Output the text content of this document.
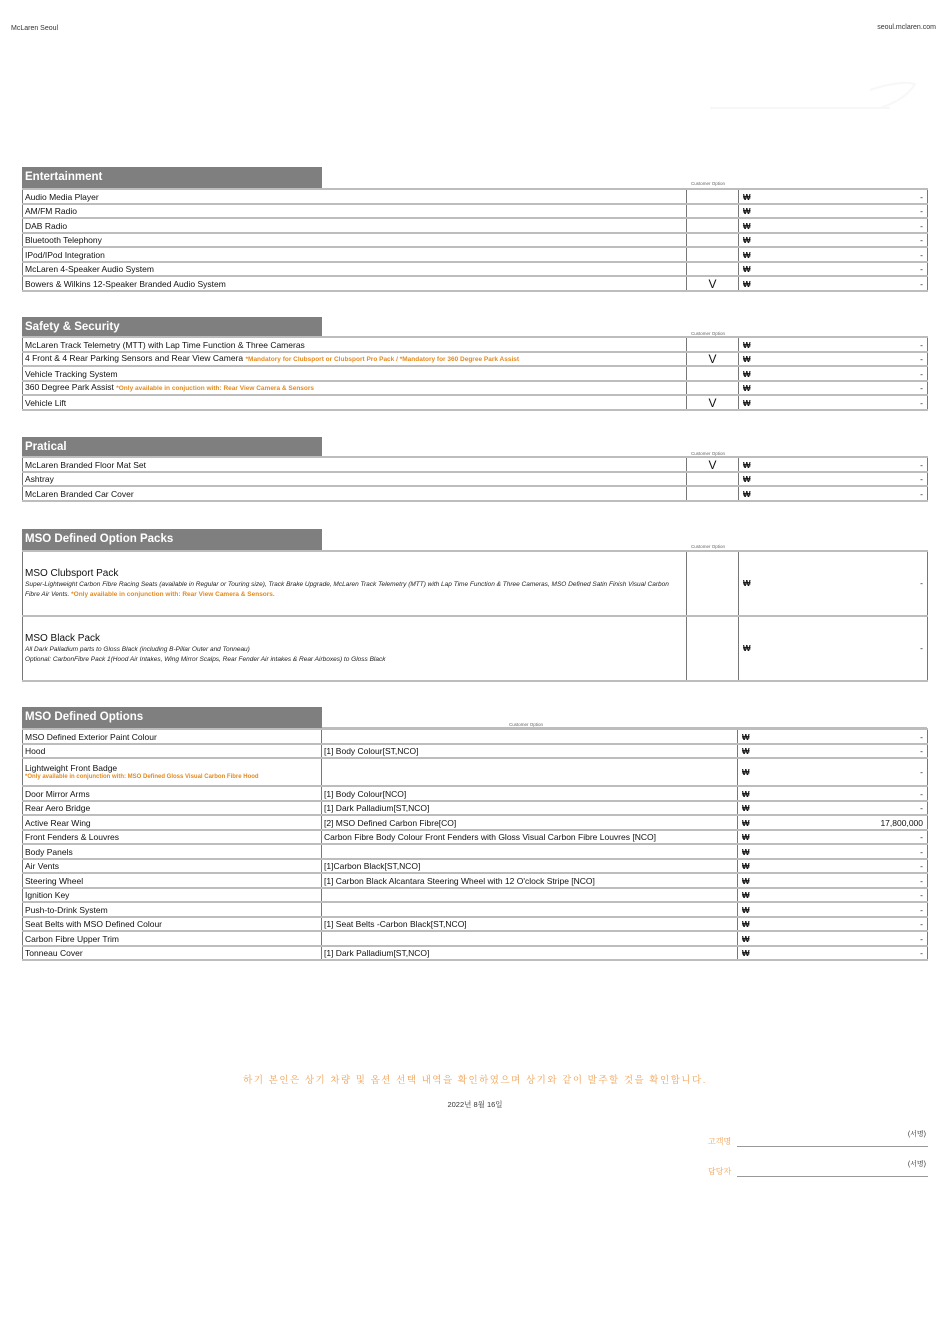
McLaren Seoul	seoul.mclaren.com
Entertainment
Customer Option
Audio Media Player		₩	-
AM/FM Radio		₩	-
DAB Radio		₩	-
Bluetooth Telephony		₩	-
IPod/IPod Integration		₩	-
McLaren 4-Speaker Audio System		₩	-
Bowers & Wilkins 12-Speaker Branded Audio System	V	₩	-
Safety & Security
Customer Option
McLaren Track Telemetry (MTT) with Lap Time Function & Three Cameras		₩	-
4 Front & 4 Rear Parking Sensors and Rear View Camera *Mandatory for Clubsport or Clubsport Pro Pack / *Mandatory for 360 Degree Park Assist	V	₩	-
Vehicle Tracking System		₩	-
360 Degree Park Assist *Only available in conjuction with: Rear View Camera & Sensors		₩	-
Vehicle Lift	V	₩	-
Pratical
Customer Option
McLaren Branded Floor Mat Set	V	₩	-
Ashtray		₩	-
McLaren Branded Car Cover		₩	-
MSO Defined Option Packs
Customer Option
MSO Clubsport Pack
Super-Lightweight Carbon Fibre Racing Seats (available in Regular or Touring size), Track Brake Upgrade, McLaren Track Telemetry (MTT) with Lap Time Function & Three Cameras, MSO Defined Satin Finish Visual Carbon Fibre Air Vents. *Only available in conjunction with: Rear View Camera & Sensors.		₩	-

MSO Black Pack
All Dark Palladium parts to Gloss Black (including B-Pillar Outer and Tonneau)
Optional: CarbonFibre Pack 1(Hood Air Intakes, Wing Mirror Scalps, Rear Fender Air intakes & Rear Airboxes) to Gloss Black		₩	-
MSO Defined Options
Customer Option
MSO Defined Exterior Paint Colour		₩	-
Hood	[1] Body Colour[ST,NCO]	₩	-
Lightweight Front Badge
*Only available in conjunction with: MSO Defined Gloss Visual Carbon Fibre Hood		₩	-
Door Mirror Arms	[1] Body Colour[NCO]	₩	-
Rear Aero Bridge	[1] Dark Palladium[ST,NCO]	₩	-
Active Rear Wing	[2] MSO Defined Carbon Fibre[CO]	₩	17,800,000
Front Fenders & Louvres	Carbon Fibre Body Colour Front Fenders with Gloss Visual Carbon Fibre Louvres [NCO]	₩	-
Body Panels		₩	-
Air Vents	[1]Carbon Black[ST,NCO]	₩	-
Steering Wheel	[1] Carbon Black Alcantara Steering Wheel with 12 O'clock Stripe [NCO]	₩	-
Ignition Key		₩	-
Push-to-Drink System		₩	-
Seat Belts with MSO Defined Colour	[1] Seat Belts -Carbon Black[ST,NCO]	₩	-
Carbon Fibre Upper Trim		₩	-
Tonneau Cover	[1] Dark Palladium[ST,NCO]	₩	-
하기 본인은 상기 차량 및 옵션 선택 내역을 확인하였으며 상기와 같이 발주할 것을 확인합니다.
2022년 8월 16일
고객명
(서명)
담당자
(서명)
